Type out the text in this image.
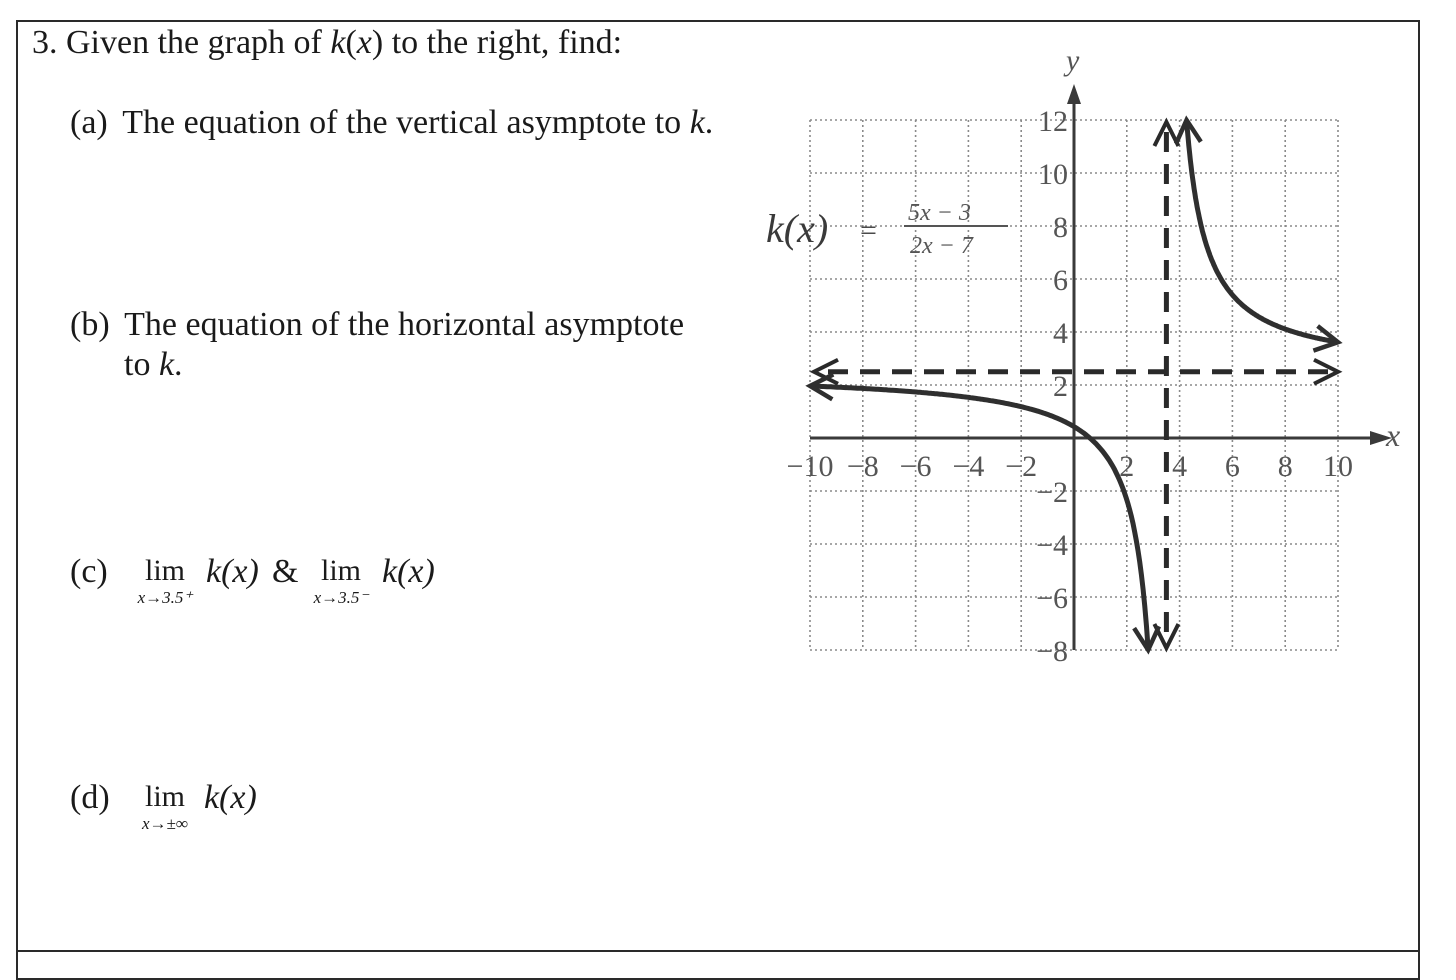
3. Given the graph of k(x) to the right, find:
(a) The equation of the vertical asymptote to k.
(b) The equation of the horizontal asymptote
to k.
(c)	lim
x→3.5⁺
k(x) & lim
x→3.5⁻
k(x)
(d)	lim
x→±∞
k(x)
−10 −8 −6 −4 −2	2 4 6 8 10
−8
−6
−4
−2
2
4
6
8
10
12
x
y
k(x) =
5x − 3
2x − 7
